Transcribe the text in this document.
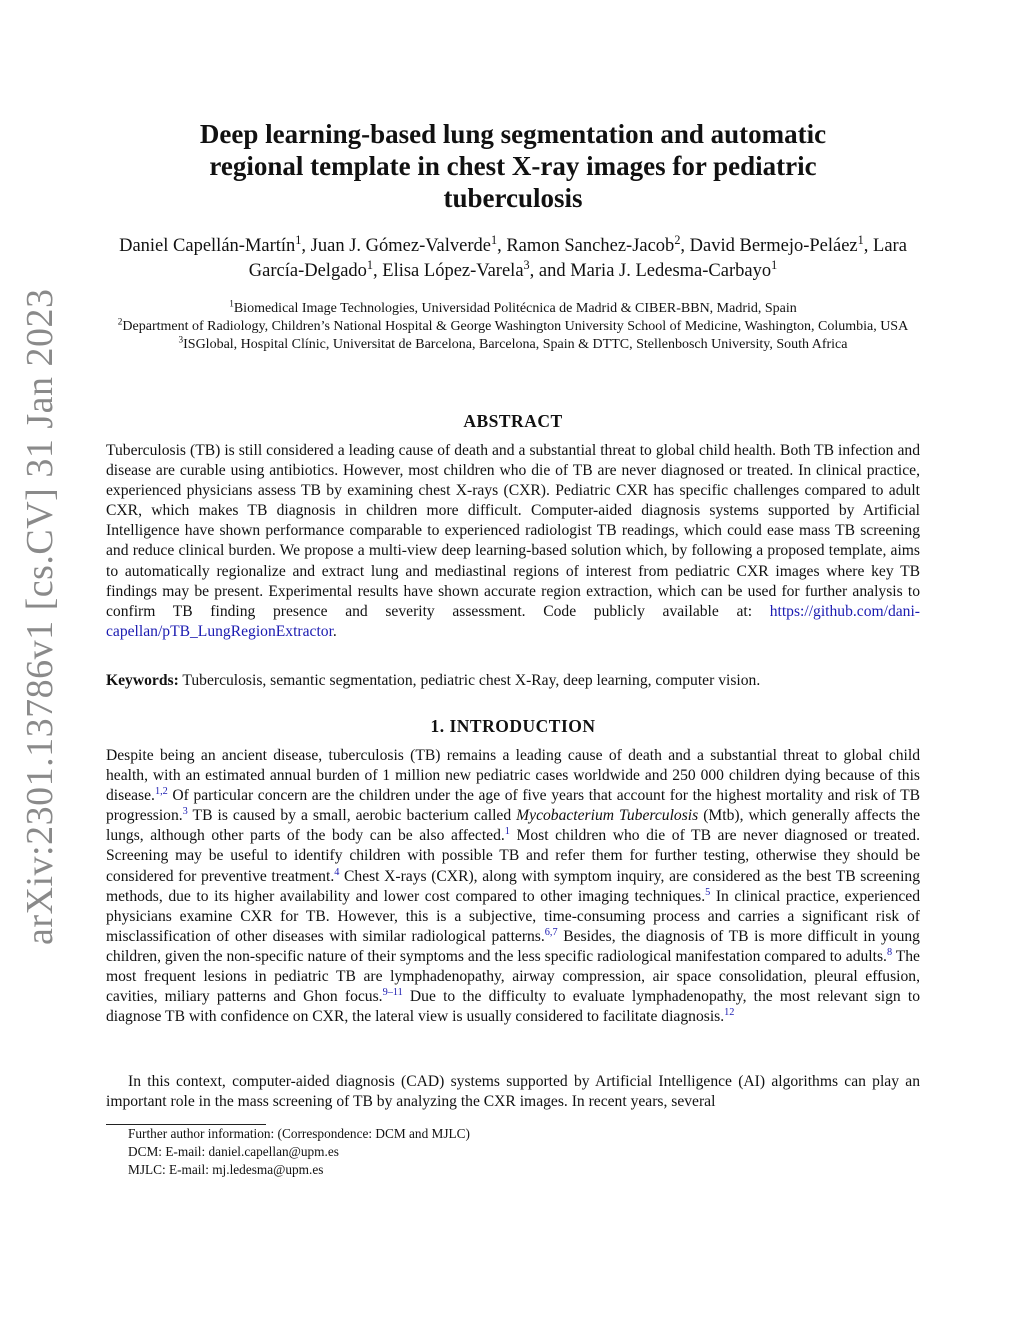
arXiv:2301.13786v1 [cs.CV] 31 Jan 2023
Deep learning-based lung segmentation and automatic
regional template in chest X-ray images for pediatric
tuberculosis
Daniel Capellán-Martín$^1$, Juan J. Gómez-Valverde$^1$, Ramon Sanchez-Jacob$^2$, David Bermejo-Peláez$^1$, Lara García-Delgado$^1$, Elisa López-Varela$^3$, and Maria J. Ledesma-Carbayo$^1$
$^1$Biomedical Image Technologies, Universidad Politécnica de Madrid & CIBER-BBN, Madrid, Spain
$^2$Department of Radiology, Children’s National Hospital & George Washington University School of Medicine, Washington, Columbia, USA
$^3$ISGlobal, Hospital Clínic, Universitat de Barcelona, Barcelona, Spain & DTTC, Stellenbosch University, South Africa
ABSTRACT

Tuberculosis (TB) is still considered a leading cause of death and a substantial threat to global child health. Both TB infection and disease are curable using antibiotics. However, most children who die of TB are never diagnosed or treated. In clinical practice, experienced physicians assess TB by examining chest X-rays (CXR). Pediatric CXR has specific challenges compared to adult CXR, which makes TB diagnosis in children more difficult. Computer-aided diagnosis systems supported by Artificial Intelligence have shown performance comparable to experienced radiologist TB readings, which could ease mass TB screening and reduce clinical burden. We propose a multi-view deep learning-based solution which, by following a proposed template, aims to automatically regionalize and extract lung and mediastinal regions of interest from pediatric CXR images where key TB findings may be present. Experimental results have shown accurate region extraction, which can be used for further analysis to confirm TB finding presence and severity assessment. Code publicly available at: https://github.com/dani-capellan/pTB_LungRegionExtractor.

Keywords: Tuberculosis, semantic segmentation, pediatric chest X-Ray, deep learning, computer vision.

1. INTRODUCTION

Despite being an ancient disease, tuberculosis (TB) remains a leading cause of death and a substantial threat to global child health, with an estimated annual burden of 1 million new pediatric cases worldwide and 250 000 children dying because of this disease.$^{1,2}$ Of particular concern are the children under the age of five years that account for the highest mortality and risk of TB progression.$^3$ TB is caused by a small, aerobic bacterium called Mycobacterium Tuberculosis (Mtb), which generally affects the lungs, although other parts of the body can be also affected.$^1$ Most children who die of TB are never diagnosed or treated. Screening may be useful to identify children with possible TB and refer them for further testing, otherwise they should be considered for preventive treatment.$^4$ Chest X-rays (CXR), along with symptom inquiry, are considered as the best TB screening methods, due to its higher availability and lower cost compared to other imaging techniques.$^5$ In clinical practice, experienced physicians examine CXR for TB. However, this is a subjective, time-consuming process and carries a significant risk of misclassification of other diseases with similar radiological patterns.$^{6,7}$ Besides, the diagnosis of TB is more difficult in young children, given the non-specific nature of their symptoms and the less specific radiological manifestation compared to adults.$^8$ The most frequent lesions in pediatric TB are lymphadenopathy, airway compression, air space consolidation, pleural effusion, cavities, miliary patterns and Ghon focus.$^{9-11}$ Due to the difficulty to evaluate lymphadenopathy, the most relevant sign to diagnose TB with confidence on CXR, the lateral view is usually considered to facilitate diagnosis.$^{12}$

In this context, computer-aided diagnosis (CAD) systems supported by Artificial Intelligence (AI) algorithms can play an important role in the mass screening of TB by analyzing the CXR images. In recent years, several

Further author information: (Correspondence: DCM and MJLC)
DCM: E-mail: daniel.capellan@upm.es
MJLC: E-mail: mj.ledesma@upm.es
